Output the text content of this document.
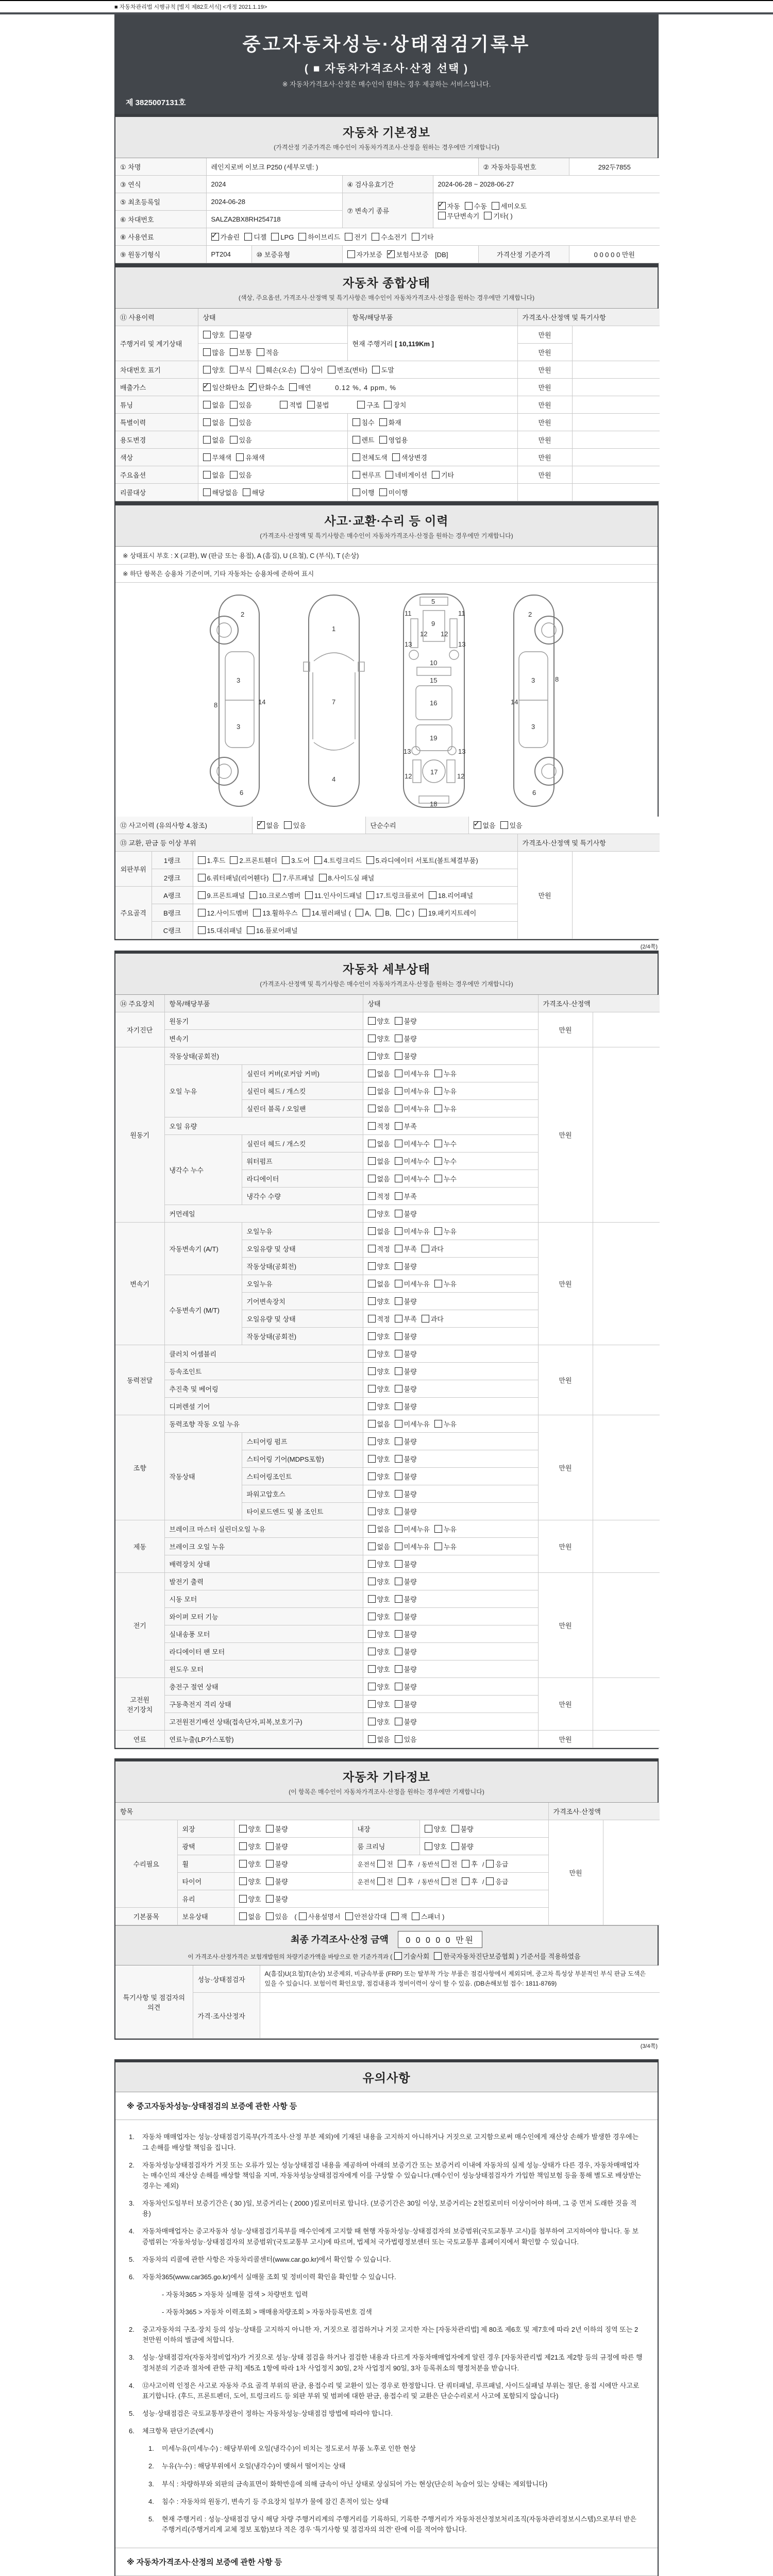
■ 자동차관리법 시행규칙 [별지 제82호서식] <개정 2021.1.19>
중고자동차성능·상태점검기록부
( ■ 자동차가격조사·산정 선택 )
※ 자동차가격조사·산정은 매수인이 원하는 경우 제공하는 서비스입니다.
제 3825007131호
자동차 기본정보
(가격산정 기준가격은 매수인이 자동차가격조사·산정을 원하는 경우에만 기재합니다)
① 차명	레인지로버 이보크 P250 (세부모델: )				② 자동차등록번호	292두7855
③ 연식	2024		④ 검사유효기간	2024-06-28 ~ 2028-06-27		
⑤ 최초등록일	2024-06-28		⑦ 변속기 종류	✓자동 수동 세미오토
무단변속기 기타( )
⑥ 차대번호	SALZA2BX8RH254718					
⑧ 사용연료	✓가솔린 디젤 LPG 하이브리드 전기 수소전기 기타
⑨ 원동기형식	PT204	⑩ 보증유형	자가보증 ✓ 보험사보증 [DB]		가격산정 기준가격	0 0 0 0 0 만원
자동차 종합상태
(색상, 주요옵션, 가격조사·산정액 및 특기사항은 매수인이 자동차가격조사·산정을 원하는 경우에만 기재합니다)
⑪ 사용이력	상태	항목/해당부품	가격조사·산정액 및 특기사항	
주행거리 및 계기상태	양호 불량	현재 주행거리 [ 10,119Km ]	만원	
	많음 보통 적음		만원	
차대번호 표기	양호 부식 훼손(오손) 상이 변조(변타) 도말		만원	
배출가스	✓일산화탄소 ✓ 탄화수소 매연 0.12 %, 4 ppm, %		만원	
튜닝	없음 있음 적법 불법 구조 장치		만원	
특별이력	없음 있음	침수 화재	만원	
용도변경	없음 있음	렌트 영업용	만원	
색상	무채색 유채색	전체도색 색상변경	만원	
주요옵션	없음 있음	썬루프 네비게이션 기타	만원	
리콜대상	해당없음 해당	이행 미이행		
사고·교환·수리 등 이력
(가격조사·산정액 및 특기사항은 매수인이 자동차가격조사·산정을 원하는 경우에만 기재합니다)
※ 상태표시 부호 : X (교환), W (판금 또는 용접), A (흠집), U (요철), C (부식), T (손상)
※ 하단 항목은 승용차 기준이며, 기타 자동차는 승용차에 준하여 표시
2
8
3
14
3
6
1
7
4
5
9
11	11
13	13
12 12
10
15
16
19
13	13
17
12	12
18
2
3	8
14
3
6
⑫ 사고이력 (유의사항 4.참조)	✓없음 있음	단순수리	✓없음 있음
⑬ 교환, 판금 등 이상 부위			가격조사·산정액 및 특기사항	
외판부위	1랭크	1.후드 2.프론트휀더 3.도어 4.트렁크리드 5.라디에이터 서포트(볼트체결부품)	만원	
	2랭크	6.쿼터패널(리어휀다) 7.루프패널 8.사이드실 패널		
주요골격	A랭크	9.프론트패널 10.크로스멤버 11.인사이드패널 17.트렁크플로어 18.리어패널		
	B랭크	12.사이드멤버 13.휠하우스 14.필러패널 ( A, B, C ) 19.패키지트레이		
	C랭크	15.대쉬패널 16.플로어패널		
(2/4쪽)
자동차 세부상태
(가격조사·산정액 및 특기사항은 매수인이 자동차가격조사·산정을 원하는 경우에만 기재합니다)
⑭ 주요장치	항목/해당부품		상태	가격조사·산정액	
자기진단	원동기		양호 불량	만원	
	변속기		양호 불량		
원동기	작동상태(공회전)		양호 불량	만원	
	오일 누유	실린더 커버(로커암 커버)	없음 미세누유 누유		
		실린더 헤드 / 개스킷	없음 미세누유 누유		
		실린더 블록 / 오일팬	없음 미세누유 누유		
	오일 유량		적정 부족		
	냉각수 누수	실린더 헤드 / 개스킷	없음 미세누수 누수		
		워터펌프	없음 미세누수 누수		
		라디에이터	없음 미세누수 누수		
		냉각수 수량	적정 부족		
	커먼레일		양호 불량		
변속기	자동변속기 (A/T)	오일누유	없음 미세누유 누유	만원	
		오일유량 및 상태	적정 부족 과다		
		작동상태(공회전)	양호 불량		
	수동변속기 (M/T)	오일누유	없음 미세누유 누유		
		기어변속장치	양호 불량		
		오일유량 및 상태	적정 부족 과다		
		작동상태(공회전)	양호 불량		
동력전달	클러치 어셈블리		양호 불량	만원	
	등속조인트		양호 불량		
	추진축 및 베어링		양호 불량		
	디퍼렌셜 기어		양호 불량		
조향	동력조향 작동 오일 누유		없음 미세누유 누유	만원	
	작동상태	스티어링 펌프	양호 불량		
		스티어링 기어(MDPS포함)	양호 불량		
		스티어링조인트	양호 불량		
		파워고압호스	양호 불량		
		타이로드엔드 및 볼 조인트	양호 불량		
제동	브레이크 마스터 실린더오일 누유		없음 미세누유 누유	만원	
	브레이크 오일 누유		없음 미세누유 누유		
	배력장치 상태		양호 불량		
전기	발전기 출력		양호 불량	만원	
	시동 모터		양호 불량		
	와이퍼 모터 기능		양호 불량		
	실내송풍 모터		양호 불량		
	라디에이터 팬 모터		양호 불량		
	윈도우 모터		양호 불량		
고전원 전기장치	충전구 절연 상태		양호 불량	만원	
	구동축전지 격리 상태		양호 불량		
	고전원전기배선 상태(접속단자,피복,보호기구)		양호 불량		
연료	연료누출(LP가스포함)		없음 있음	만원	
자동차 기타정보
(이 항목은 매수인이 자동차가격조사·산정을 원하는 경우에만 기재합니다)
항목					가격조사·산정액	
수리필요	외장	양호 불량	내장	양호 불량	만원	
	광택	양호 불량	룸 크리닝	양호 불량		
	휠	양호 불량	운전석 전 후 / 동반석 전 후 / 응급			
	타이어	양호 불량	운전석 전 후 / 동반석 전 후 / 응급			
	유리	양호 불량				
기본품목	보유상태	없음 있음 ( 사용설명서 안전삼각대 잭 스패너 )				
최종 가격조사·산정 금액 0 0 0 0 0 만원
이 가격조사·산정가격은 보험개발원의 차량기준가액을 바탕으로 한 기준가격과 ( 기술사회 한국자동차진단보증협회 ) 기준서를 적용하였음
특기사항 및 점검자의 의견	성능·상태점검자	A(흠집)U(요철)T(손상) 보증제외, 비금속부품 (FRP) 또는 탈부착 가능 부품은 점검사항에서 제외되며, 중고차 특성상 부분적인 부식 판금 도색은 있을 수 있습니다. 보험이력 확인요망, 점검내용과 정비이력이 상이 할 수 있음. (DB손해보험 접수: 1811-8769)
	가격·조사산정자	
(3/4쪽)
유의사항
※ 중고자동차성능·상태점검의 보증에 관한 사항 등
1.	자동차 매매업자는 성능·상태점검기록부(가격조사·산정 부분 제외)에 기재된 내용을 고지하지 아니하거나 거짓으로 고지함으로써 매수인에게 재산상 손해가 발생한 경우에는 그 손해를 배상할 책임을 집니다.
2.	자동차성능상태점검자가 거짓 또는 오류가 있는 성능상태점검 내용을 제공하여 아래의 보증기간 또는 보증거리 이내에 자동차의 실제 성능·상태가 다른 경우, 자동차매매업자는 매수인의 재산상 손해를 배상할 책임을 지며, 자동차성능상태점검자에게 이를 구상할 수 있습니다.(매수인이 성능상태점검자가 가입한 책임보험 등을 통해 별도로 배상받는 경우는 제외)
3.	자동차인도일부터 보증기간은 ( 30 )일, 보증거리는 ( 2000 )킬로미터로 합니다. (보증기간은 30일 이상, 보증거리는 2천킬로미터 이상이어야 하며, 그 중 먼저 도래한 것을 적용)
4.	자동차매매업자는 중고자동차 성능·상태점검기록부를 매수인에게 고지할 때 현행 자동차성능·상태점검자의 보증범위(국토교통부 고시)를 첨부하여 고지하여야 합니다. 동 보증범위는 '자동차성능·상태점검자의 보증범위'(국토교통부 고시)에 따르며, 법제처 국가법령정보센터 또는 국토교통부 홈페이지에서 확인할 수 있습니다.
5.	자동차의 리콜에 관한 사항은 자동차리콜센터(www.car.go.kr)에서 확인할 수 있습니다.
6.	자동차365(www.car365.go.kr)에서 실매물 조회 및 정비이력 확인을 확인할 수 있습니다.
- 자동차365 > 자동차 실매물 검색 > 차량번호 입력
- 자동차365 > 자동차 이력조회 > 매매용차량조회 > 자동차등록번호 검색
2.	중고자동차의 구조·장치 등의 성능·상태를 고지하지 아니한 자, 거짓으로 점검하거나 거짓 고지한 자는 [자동차관리법] 제 80조 제6호 및 제7호에 따라 2년 이하의 징역 또는 2천만원 이하의 벌금에 처합니다.
3.	성능·상태점검자(자동차정비업자)가 거짓으로 성능·상태 점검을 하거나 점검한 내용과 다르게 자동차매매업자에게 알린 경우 [자동차관리법 제21조 제2항 등의 규정에 따른 행정처분의 기준과 절차에 관한 규칙] 제5조 1항에 따라 1차 사업정지 30일, 2차 사업정지 90일, 3차 등록취소의 행정처분을 받습니다.
4.	⑫사고이력 인정은 사고로 자동차 주요 골격 부위의 판금, 용접수리 및 교환이 있는 경우로 한정합니다. 단 쿼터패널, 루프패널, 사이드실패널 부위는 절단, 용접 시에만 사고로 표기합니다. (후드, 프론트펜더, 도어, 트렁크리드 등 외판 부위 및 범퍼에 대한 판금, 용접수리 및 교환은 단순수리로서 사고에 포함되지 않습니다)
5.	성능·상태점검은 국토교통부장관이 정하는 자동차성능·상태점검 방법에 따라야 합니다.
6.	체크항목 판단기준(예시)
1.	미세누유(미세누수) : 해당부위에 오일(냉각수)이 비치는 정도로서 부품 노후로 인한 현상
2.	누유(누수) : 해당부위에서 오일(냉각수)이 맺혀서 떨어지는 상태
3.	부식 : 차량하부와 외판의 금속표면이 화학반응에 의해 금속이 아닌 상태로 상실되어 가는 현상(단순히 녹슬어 있는 상태는 제외합니다)
4.	침수 : 자동차의 원동기, 변속기 등 주요장치 일부가 물에 잠긴 흔적이 있는 상태
5.	현재 주행거리 : 성능·상태점검 당시 해당 차량 주행거리계의 주행거리를 기록하되, 기록한 주행거리가 자동차전산정보처리조직(자동차관리정보시스템)으로부터 받은 주행거리(주행거리계 교체 정보 포함)보다 적은 경우 '특기사항 및 점검자의 의견' 란에 이를 적어야 합니다.
※ 자동차가격조사·산정의 보증에 관한 사항 등
